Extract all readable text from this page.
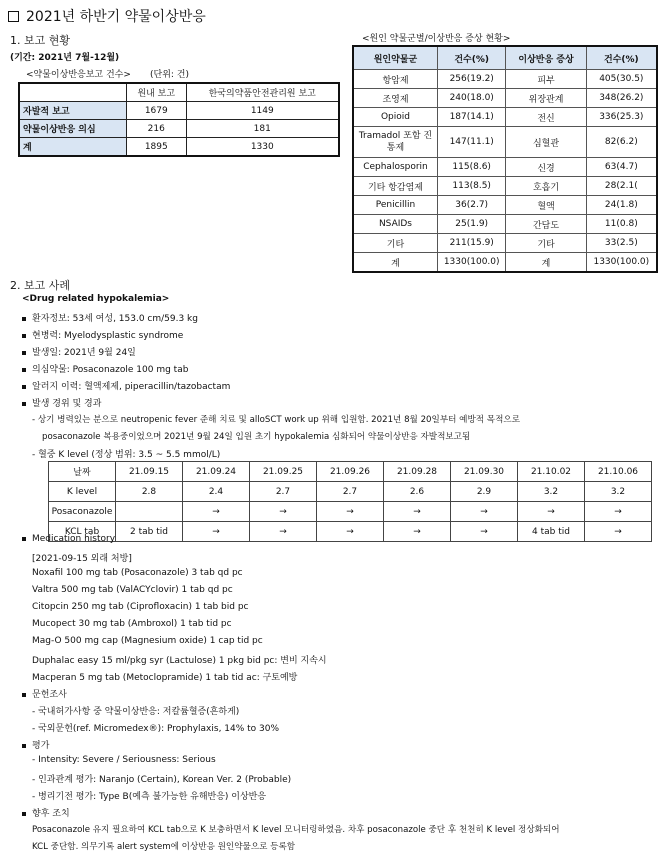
2021년 하반기 약물이상반응
1. 보고 현황
(기간: 2021년 7월-12월)
<약물이상반응보고 건수> (단위: 건)
	원내 보고	한국의약품안전관리원 보고
자발적 보고	1679	1149
약물이상반응 의심	216	181
계	1895	1330
<원인 약물군별/이상반응 증상 현황>
원인약물군	건수(%)	이상반응 증상	건수(%)
항암제	256(19.2)	피부	405(30.5)
조영제	240(18.0)	위장관계	348(26.2)
Opioid	187(14.1)	전신	336(25.3)
Tramadol 포함 진통제	147(11.1)	심혈관	82(6.2)
Cephalosporin	115(8.6)	신경	63(4.7)
기타 항감염제	113(8.5)	호흡기	28(2.1(
Penicillin	36(2.7)	혈액	24(1.8)
NSAIDs	25(1.9)	간담도	11(0.8)
기타	211(15.9)	기타	33(2.5)
계	1330(100.0)	계	1330(100.0)
2. 보고 사례
<Drug related hypokalemia>
환자정보: 53세 여성, 153.0 cm/59.3 kg
현병력: Myelodysplastic syndrome
발생일: 2021년 9월 24일
의심약물: Posaconazole 100 mg tab
알러지 이력: 혈액제제, piperacillin/tazobactam
발생 경위 및 경과
- 상기 병력있는 분으로 neutropenic fever 준해 치료 및 alloSCT work up 위해 입원함. 2021년 8월 20일부터 예방적 목적으로
posaconazole 복용중이었으며 2021년 9월 24일 입원 초기 hypokalemia 심화되어 약물이상반응 자발적보고됨
- 혈중 K level (정상 범위: 3.5 ~ 5.5 mmol/L)
날짜	21.09.15	21.09.24	21.09.25	21.09.26	21.09.28	21.09.30	21.10.02	21.10.06
K level	2.8	2.4	2.7	2.7	2.6	2.9	3.2	3.2
Posaconazole		→	→	→	→	→	→	→
KCL tab	2 tab tid	→	→	→	→	→	4 tab tid	→
Medication history
[2021-09-15 외래 처방]
Noxafil 100 mg tab (Posaconazole) 3 tab qd pc
Valtra 500 mg tab (ValACYclovir) 1 tab qd pc
Citopcin 250 mg tab (Ciprofloxacin) 1 tab bid pc
Mucopect 30 mg tab (Ambroxol) 1 tab tid pc
Mag-O 500 mg cap (Magnesium oxide) 1 cap tid pc
Duphalac easy 15 ml/pkg syr (Lactulose) 1 pkg bid pc: 변비 지속시
Macperan 5 mg tab (Metoclopramide) 1 tab tid ac: 구토예방
문헌조사
- 국내허가사항 중 약물이상반응: 저칼륨혈증(흔하게)
- 국외문헌(ref. Micromedex®): Prophylaxis, 14% to 30%
평가
- Intensity: Severe / Seriousness: Serious
- 인과관계 평가: Naranjo (Certain), Korean Ver. 2 (Probable)
- 병리기전 평가: Type B(예측 불가능한 유해반응) 이상반응
향후 조치
Posaconazole 유지 필요하여 KCL tab으로 K 보충하면서 K level 모니터링하였음. 차후 posaconazole 중단 후 천천히 K level 정상화되어
KCL 중단함. 의무기록 alert system에 이상반응 원인약물으로 등록함
